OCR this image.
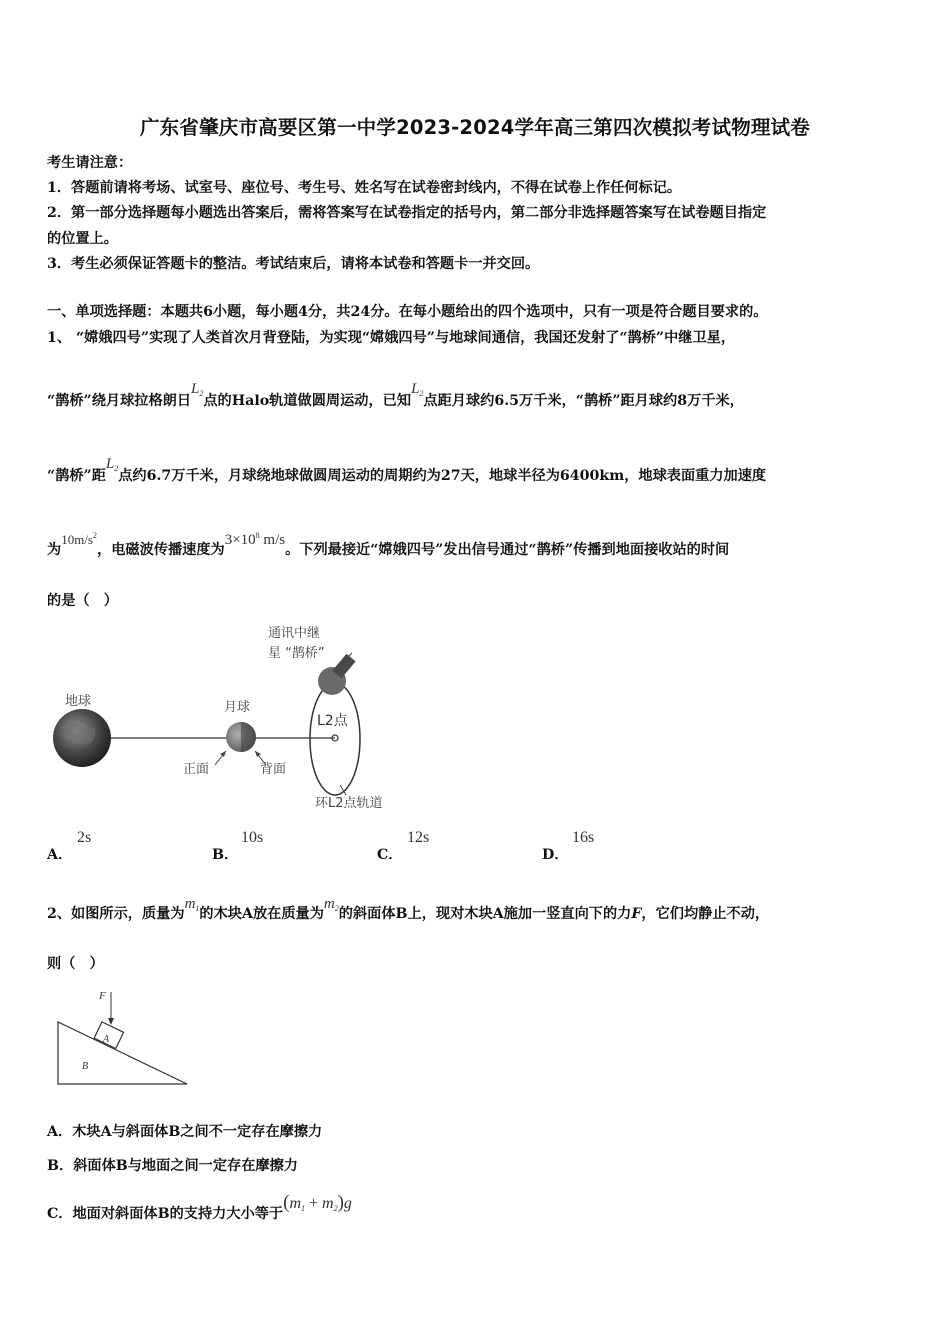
广东省肇庆市高要区第一中学2023-2024学年高三第四次模拟考试物理试卷
考生请注意：
1．答题前请将考场、试室号、座位号、考生号、姓名写在试卷密封线内，不得在试卷上作任何标记。
2．第一部分选择题每小题选出答案后，需将答案写在试卷指定的括号内，第二部分非选择题答案写在试卷题目指定
的位置上。
3．考生必须保证答题卡的整洁。考试结束后，请将本试卷和答题卡一并交回。
一、单项选择题：本题共6小题，每小题4分，共24分。在每小题给出的四个选项中，只有一项是符合题目要求的。
1、 “嫦娥四号”实现了人类首次月背登陆，为实现“嫦娥四号”与地球间通信，我国还发射了“鹊桥”中继卫星，
“鹊桥”绕月球拉格朗日$L_2$点的Halo轨道做圆周运动，已知$L_2$点距月球约6.5万千米，“鹊桥”距月球约8万千米，
“鹊桥”距$L_2$点约6.7万千米，月球绕地球做圆周运动的周期约为27天，地球半径为6400km，地球表面重力加速度
为$10m/s^2$，电磁波传播速度为$3\times 10^8$ m/s。下列最接近“嫦娥四号”发出信号通过“鹊桥”传播到地面接收站的时间
的是（　）
地球	月球
正面	背面
L2点
通讯中继
星 “鹊桥”
环L2点轨道
A．
2s
B．
10s
C．
12s
D．
16s
2、如图所示，质量为$m_1$的木块A放在质量为$m_2$的斜面体B上，现对木块A施加一竖直向下的力F，它们均静止不动，
则（　）
F
A
B
A．木块A与斜面体B之间不一定存在摩擦力
B．斜面体B与地面之间一定存在摩擦力
C．地面对斜面体B的支持力大小等于$(m_1 + m_2)g$
